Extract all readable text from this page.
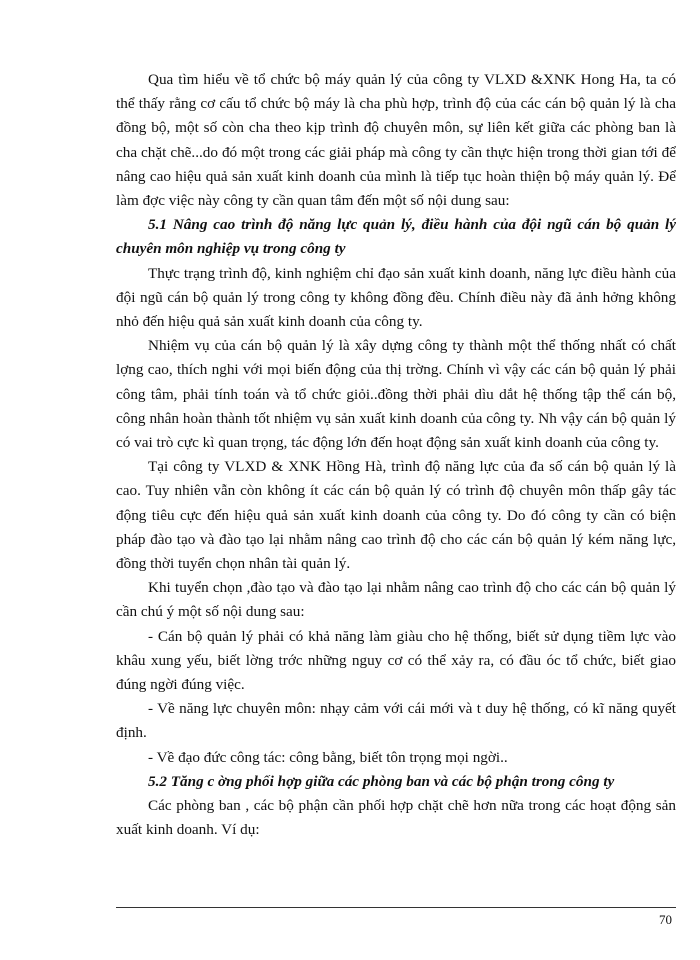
Qua tìm hiểu về tổ chức bộ máy quản lý của công ty VLXD &XNK Hong Ha, ta có thể thấy rằng cơ cấu tổ chức bộ máy là cha phù hợp, trình độ của các cán bộ quản lý là cha đồng bộ, một số còn cha theo kịp trình độ chuyên môn, sự liên kết giữa các phòng ban là cha chặt chẽ...do đó một trong các giải pháp mà công ty cần thực hiện trong thời gian tới để nâng cao hiệu quả sản xuất kinh doanh của mình là tiếp tục hoàn thiện bộ máy quản lý. Để làm đợc việc này công ty cần quan tâm đến một số nội dung sau:

5.1 Nâng cao trình độ năng lực quản lý, điều hành của đội ngũ cán bộ quản lý chuyên môn nghiệp vụ trong công ty

Thực trạng trình độ, kinh nghiệm chỉ đạo sản xuất kinh doanh, năng lực điều hành của đội ngũ cán bộ quản lý trong công ty không đồng đều. Chính điều này đã ảnh hởng không nhỏ đến hiệu quả sản xuất kinh doanh của công ty.

Nhiệm vụ của cán bộ quản lý là xây dựng công ty thành một thể thống nhất có chất lợng cao, thích nghi với mọi biến động của thị trờng. Chính vì vậy các cán bộ quản lý phải công tâm, phải tính toán và tổ chức giỏi..đồng thời phải dìu dắt hệ thống tập thể cán bộ, công nhân hoàn thành tốt nhiệm vụ sản xuất kinh doanh của công ty. Nh vậy cán bộ quản lý có vai trò cực kì quan trọng, tác động lớn đến hoạt động sản xuất kinh doanh của công ty.

Tại công ty VLXD & XNK Hồng Hà, trình độ năng lực của đa số cán bộ quản lý là cao. Tuy nhiên vẫn còn không ít các cán bộ quản lý có trình độ chuyên môn thấp gây tác động tiêu cực đến hiệu quả sản xuất kinh doanh của công ty. Do đó công ty cần có biện pháp đào tạo và đào tạo lại nhằm nâng cao trình độ cho các cán bộ quản lý kém năng lực, đồng thời tuyển chọn nhân tài quản lý.

Khi tuyển chọn ,đào tạo và đào tạo lại nhằm nâng cao trình độ cho các cán bộ quản lý cần chú ý một số nội dung sau:

- Cán bộ quản lý phải có khả năng làm giàu cho hệ thống, biết sử dụng tiềm lực vào khâu xung yếu, biết lờng trớc những nguy cơ có thể xảy ra, có đầu óc tổ chức, biết giao đúng ngời đúng việc.

- Về năng lực chuyên môn: nhạy cảm với cái mới và t duy hệ thống, có kĩ năng quyết định.

- Về đạo đức công tác: công bằng, biết tôn trọng mọi ngời..

5.2 Tăng c ờng phối hợp giữa các phòng ban và các bộ phận trong công ty

Các phòng ban , các bộ phận cần phối hợp chặt chẽ hơn nữa trong các hoạt động sản xuất kinh doanh. Ví dụ:

70
